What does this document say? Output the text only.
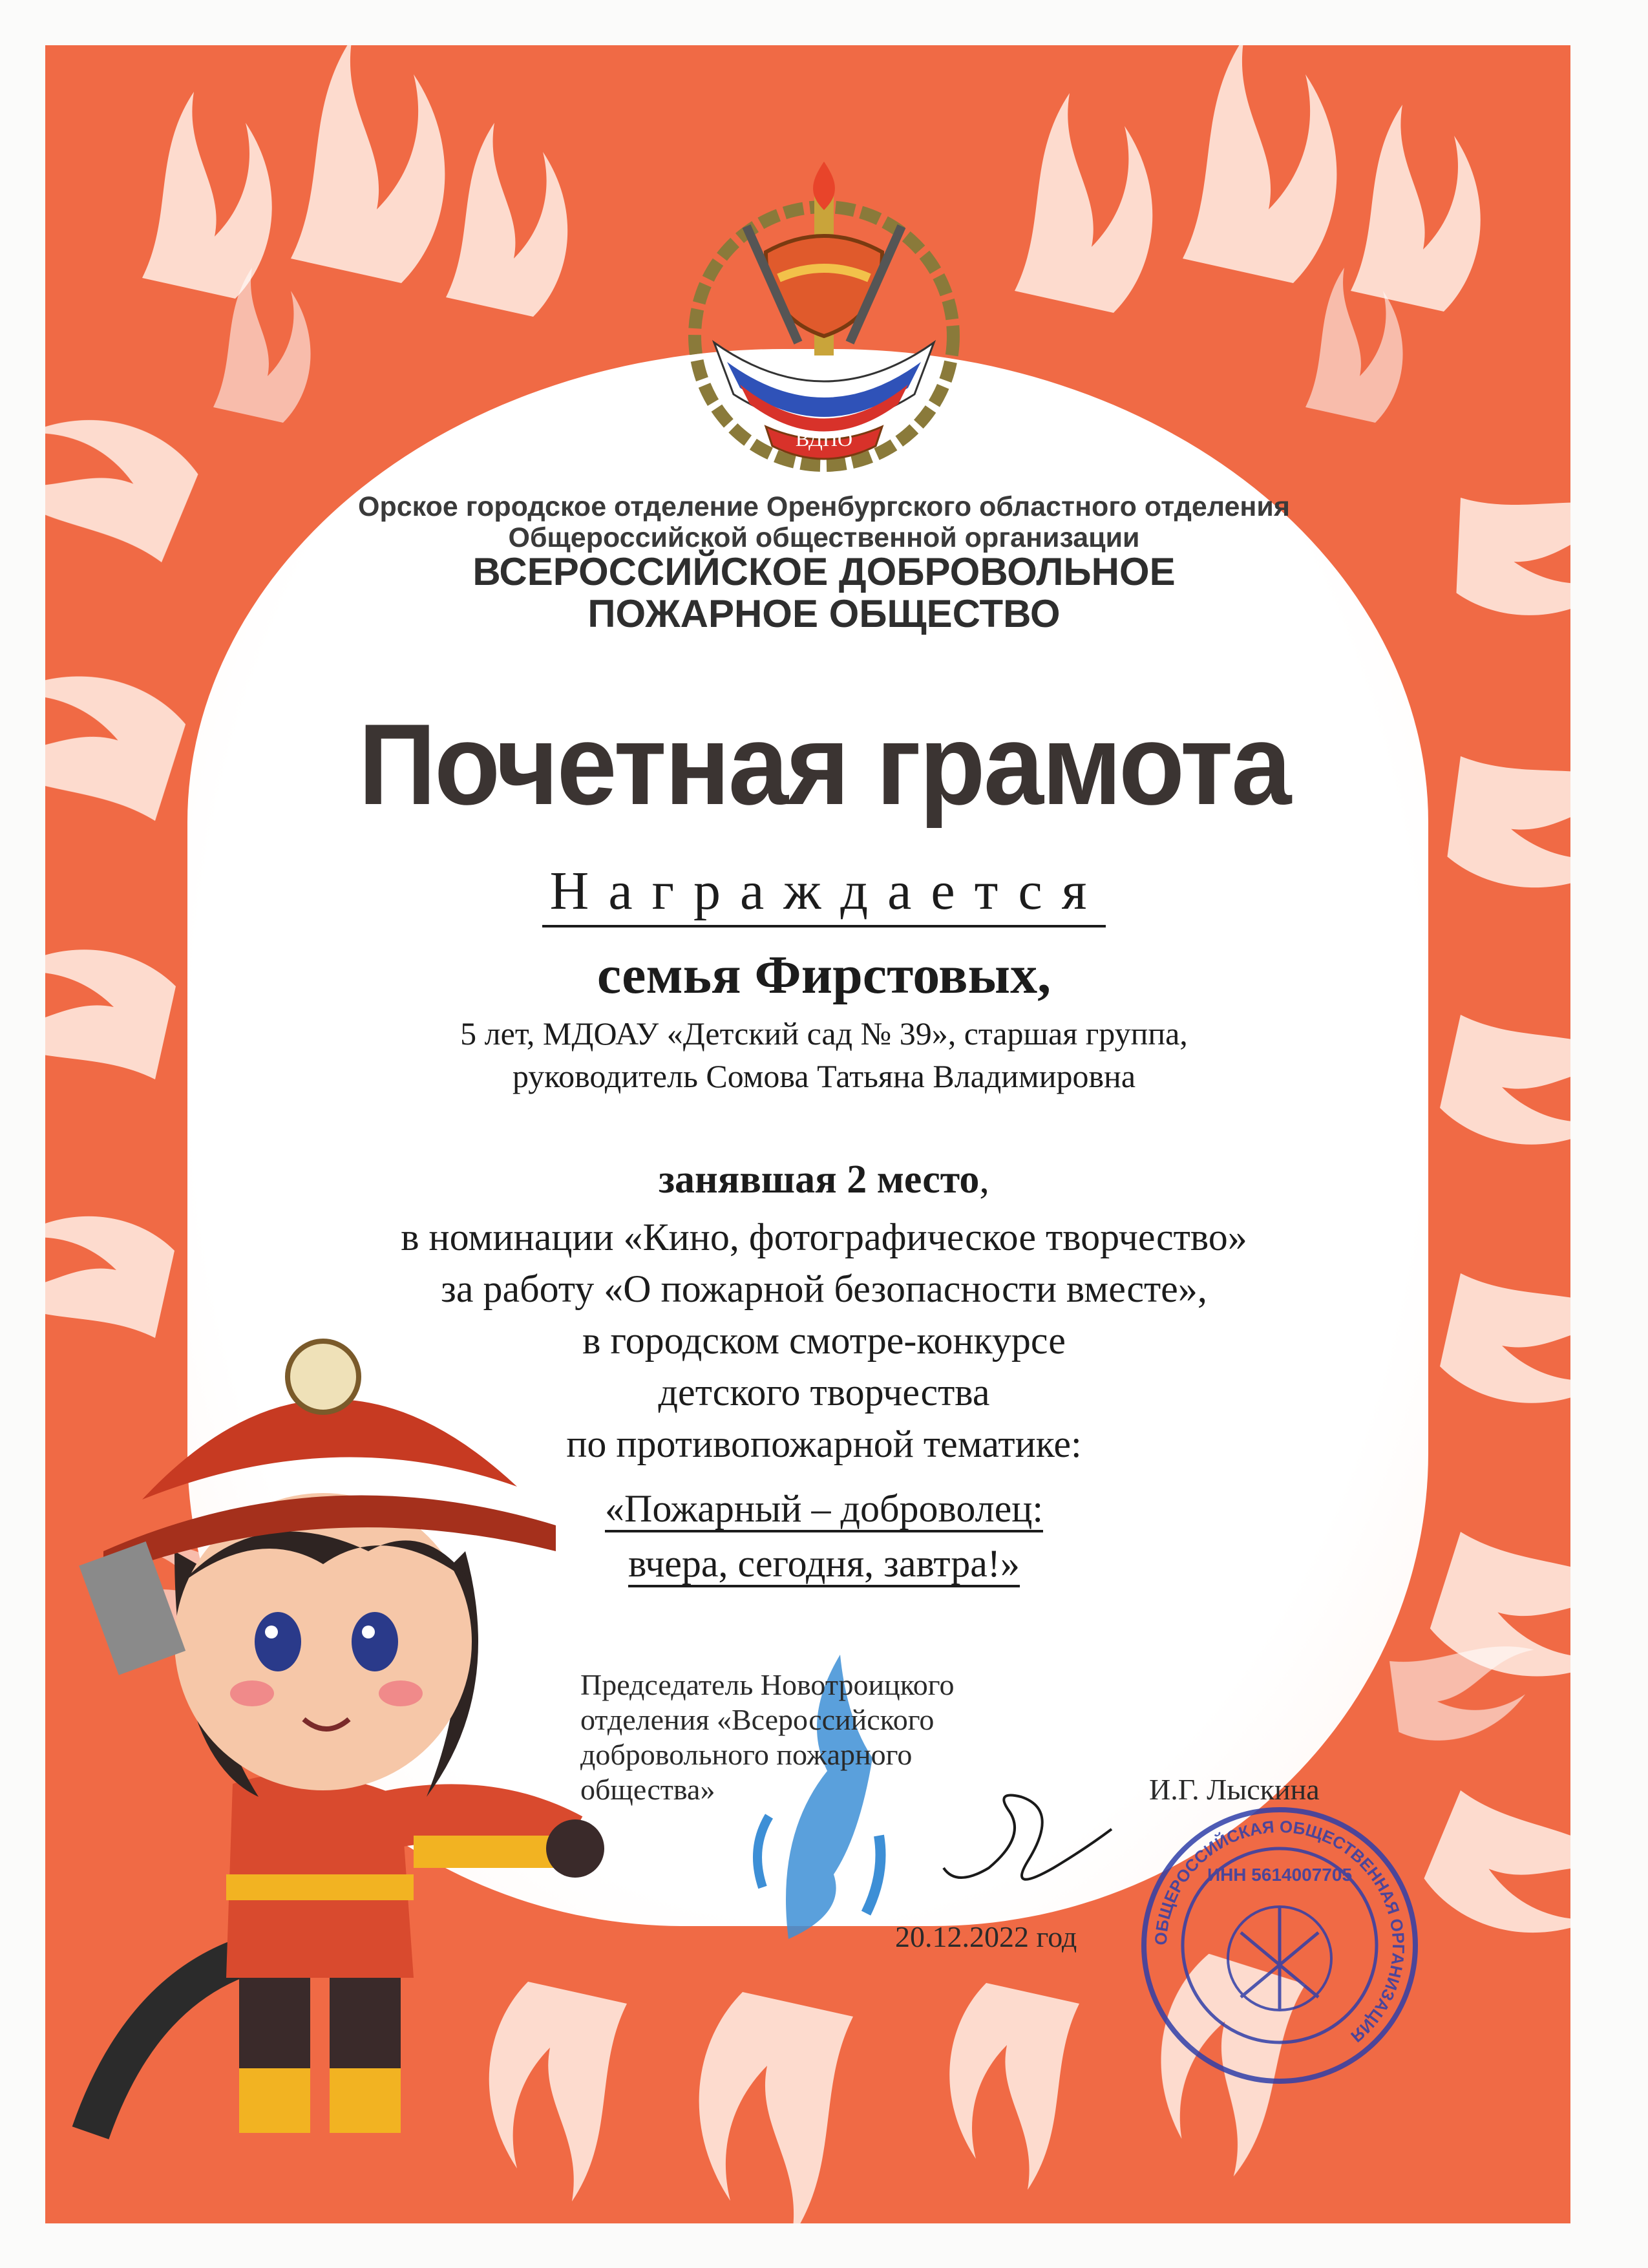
ВДПО
Орское городское отделение Оренбургского областного отделения
Общероссийской общественной организации
ВСЕРОССИЙСКОЕ ДОБРОВОЛЬНОЕ
ПОЖАРНОЕ ОБЩЕСТВО
Почетная грамота
Награждается
семья Фирстовых,
5 лет, МДОАУ «Детский сад № 39», старшая группа,
руководитель Сомова Татьяна Владимировна
занявшая 2 место,
в номинации «Кино, фотографическое творчество»
за работу «О пожарной безопасности вместе»,
в городском смотре-конкурсе
детского творчества
по противопожарной тематике:
«Пожарный – доброволец:
вчера, сегодня, завтра!»
Председатель Новотроицкого
отделения «Всероссийского
добровольного пожарного
общества»	И.Г. Лыскина
20.12.2022 год	ОБЩЕРОССИЙСКАЯ ОБЩЕСТВЕННАЯ ОРГАНИЗАЦИЯ
ИНН 5614007705
